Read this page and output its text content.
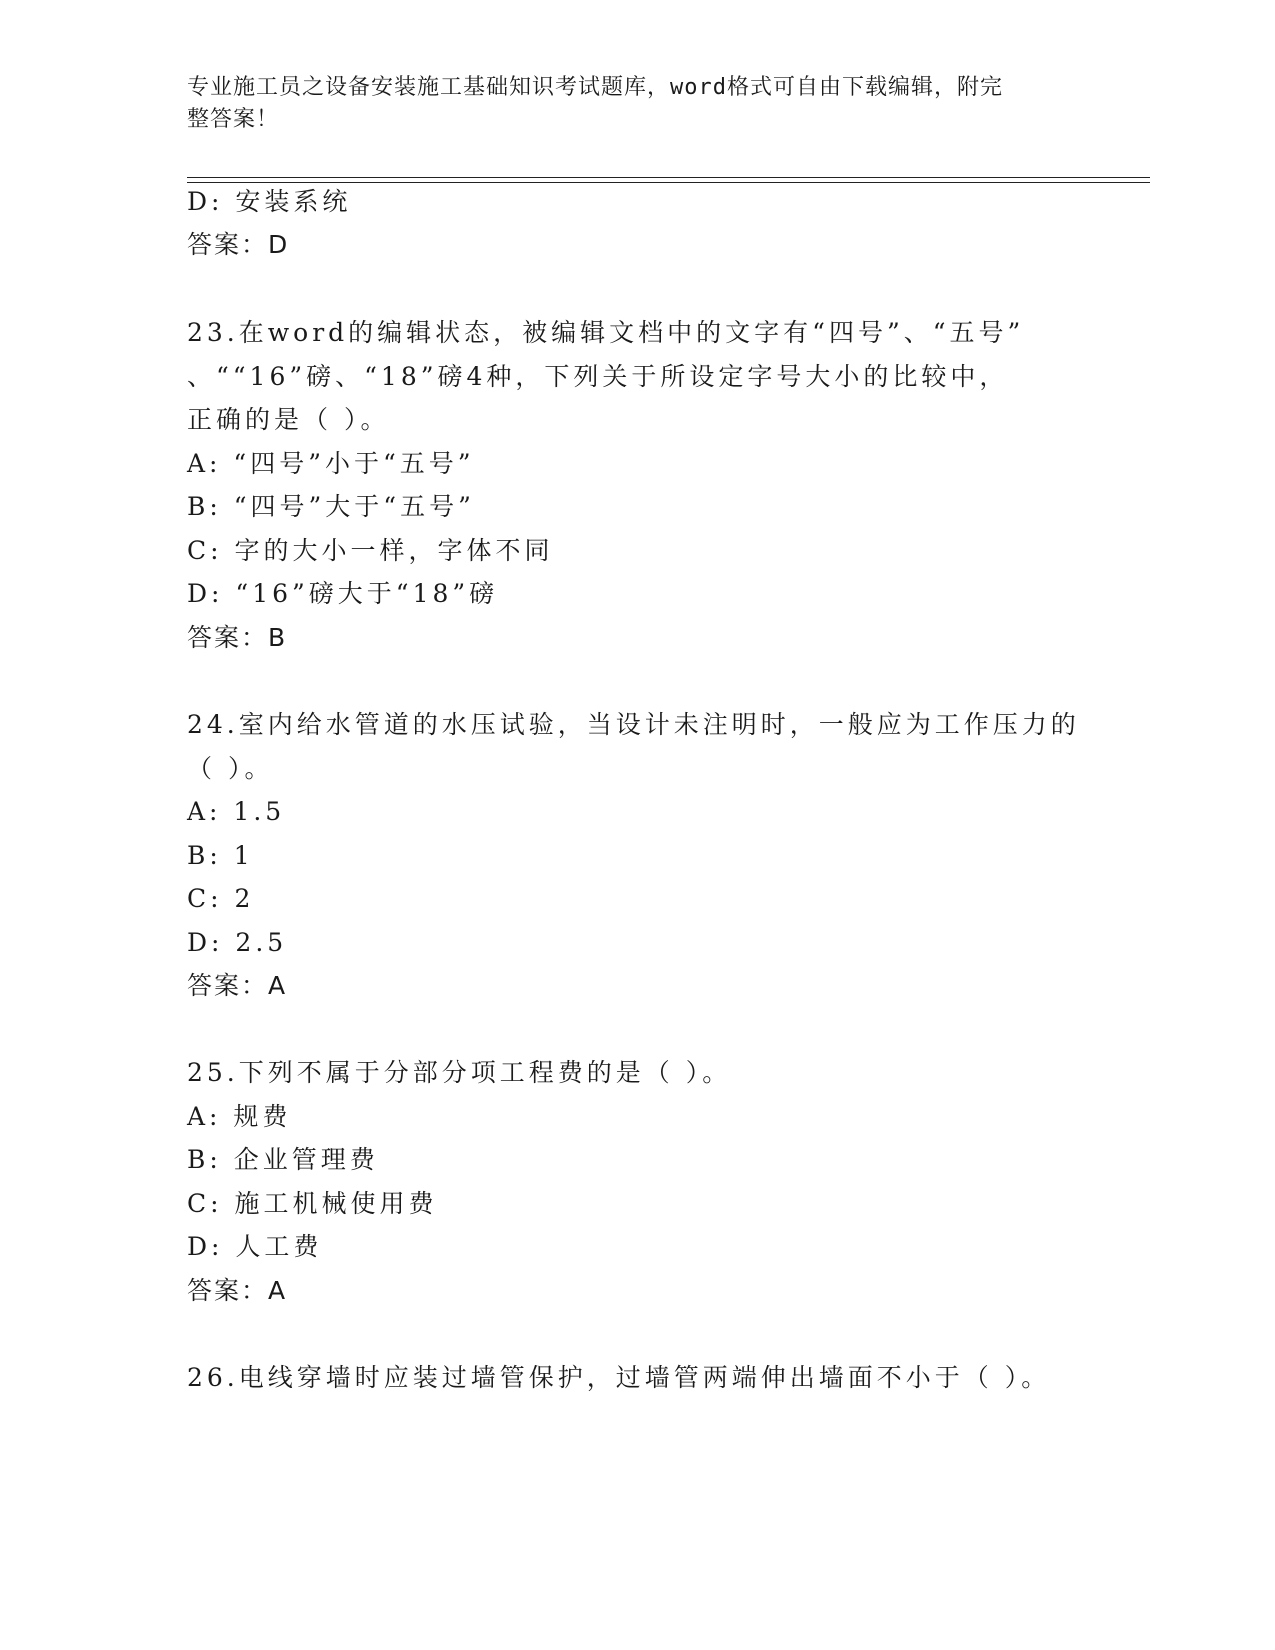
专业施工员之设备安装施工基础知识考试题库，word格式可自由下载编辑，附完
整答案！
D: 安装系统
答案：D
23.在word的编辑状态，被编辑文档中的文字有“四号”、“五号”
、““16”磅、“18”磅4种，下列关于所设定字号大小的比较中，
正确的是（ ）。
A: “四号”小于“五号”
B: “四号”大于“五号”
C: 字的大小一样，字体不同
D: “16”磅大于“18”磅
答案：B
24.室内给水管道的水压试验，当设计未注明时，一般应为工作压力的
（ ）。
A: 1.5
B: 1
C: 2
D: 2.5
答案：A
25.下列不属于分部分项工程费的是（ ）。
A: 规费
B: 企业管理费
C: 施工机械使用费
D: 人工费
答案：A
26.电线穿墙时应装过墙管保护，过墙管两端伸出墙面不小于（ ）。
